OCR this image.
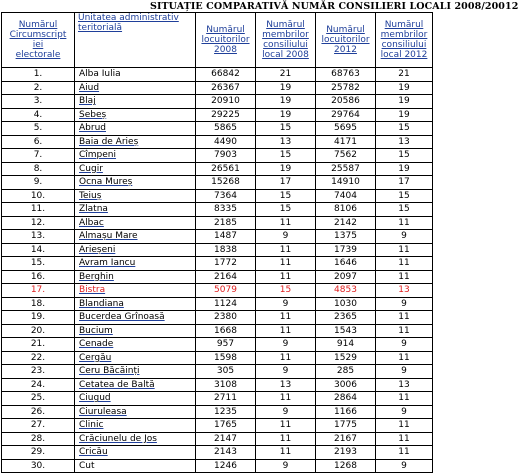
SITUAȚIE COMPARATIVĂ NUMĂR CONSILIERI LOCALI 2008/20012
Numărul
Circumscript
iei
electorale	Unitatea administrativ
teritorială	Numărul
locuitorilor
2008	Numărul
membrilor
consiliului
local 2008	Numărul
locuitorilor
2012	Numărul
membrilor
consiliului
local 2012

1.	Alba Iulia	66842	21	68763	21
2.	Aiud	26367	19	25782	19
3.	Blaj	20910	19	20586	19
4.	Sebeș	29225	19	29764	19
5.	Abrud	5865	15	5695	15
6.	Baia de Arieș	4490	13	4171	13
7.	Cîmpeni	7903	15	7562	15
8.	Cugir	26561	19	25587	19
9.	Ocna Mureș	15268	17	14910	17
10.	Teiuș	7364	15	7404	15
11.	Zlatna	8335	15	8106	15
12.	Albac	2185	11	2142	11
13.	Almașu Mare	1487	9	1375	9
14.	Arieșeni	1838	11	1739	11
15.	Avram Iancu	1772	11	1646	11
16.	Berghin	2164	11	2097	11
17.	Bistra	5079	15	4853	13
18.	Blandiana	1124	9	1030	9
19.	Bucerdea Grînoasă	2380	11	2365	11
20.	Bucium	1668	11	1543	11
21.	Cenade	957	9	914	9
22.	Cergău	1598	11	1529	11
23.	Ceru Băcăinți	305	9	285	9
24.	Cetatea de Baltă	3108	13	3006	13
25.	Ciugud	2711	11	2864	11
26.	Ciuruleasa	1235	9	1166	9
27.	Clinic	1765	11	1775	11
28.	Crăciunelu de Jos	2147	11	2167	11
29.	Cricău	2143	11	2193	11
30.	Cut	1246	9	1268	9
